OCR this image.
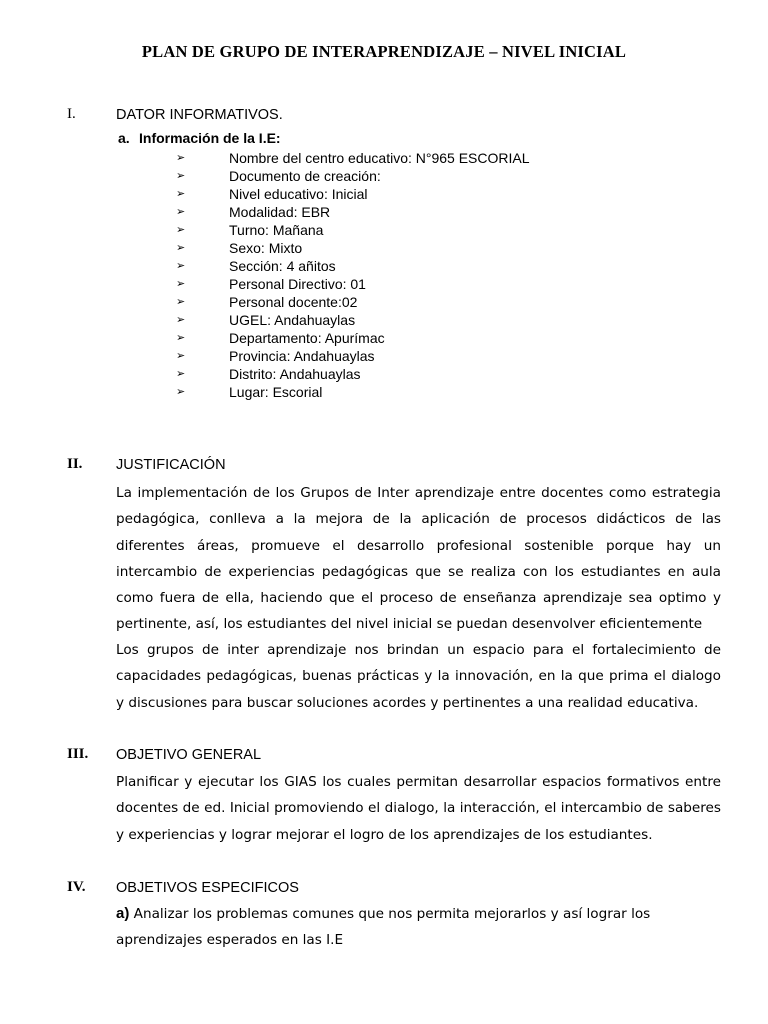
PLAN DE GRUPO DE INTERAPRENDIZAJE – NIVEL INICIAL
I.	DATOR INFORMATIVOS.
a. Información de la I.E:
➢	Nombre del centro educativo: N°965 ESCORIAL
➢	Documento de creación:
➢	Nivel educativo: Inicial
➢	Modalidad: EBR
➢	Turno: Mañana
➢	Sexo: Mixto
➢	Sección: 4 añitos
➢	Personal Directivo: 01
➢	Personal docente:02
➢	UGEL: Andahuaylas
➢	Departamento: Apurímac
➢	Provincia: Andahuaylas
➢	Distrito: Andahuaylas
➢	Lugar: Escorial
II. JUSTIFICACIÓN

La implementación de los Grupos de Inter aprendizaje entre docentes como estrategia pedagógica, conlleva a la mejora de la aplicación de procesos didácticos de las diferentes áreas, promueve el desarrollo profesional sostenible porque hay un intercambio de experiencias pedagógicas que se realiza con los estudiantes en aula como fuera de ella, haciendo que el proceso de enseñanza aprendizaje sea optimo y pertinente, así, los estudiantes del nivel inicial se puedan desenvolver eficientemente

Los grupos de inter aprendizaje nos brindan un espacio para el fortalecimiento de capacidades pedagógicas, buenas prácticas y la innovación, en la que prima el dialogo y discusiones para buscar soluciones acordes y pertinentes a una realidad educativa.

III. OBJETIVO GENERAL

Planificar y ejecutar los GIAS los cuales permitan desarrollar espacios formativos entre docentes de ed. Inicial promoviendo el dialogo, la interacción, el intercambio de saberes y experiencias y lograr mejorar el logro de los aprendizajes de los estudiantes.

IV. OBJETIVOS ESPECIFICOS

a) Analizar los problemas comunes que nos permita mejorarlos y así lograr los aprendizajes esperados en las I.E
